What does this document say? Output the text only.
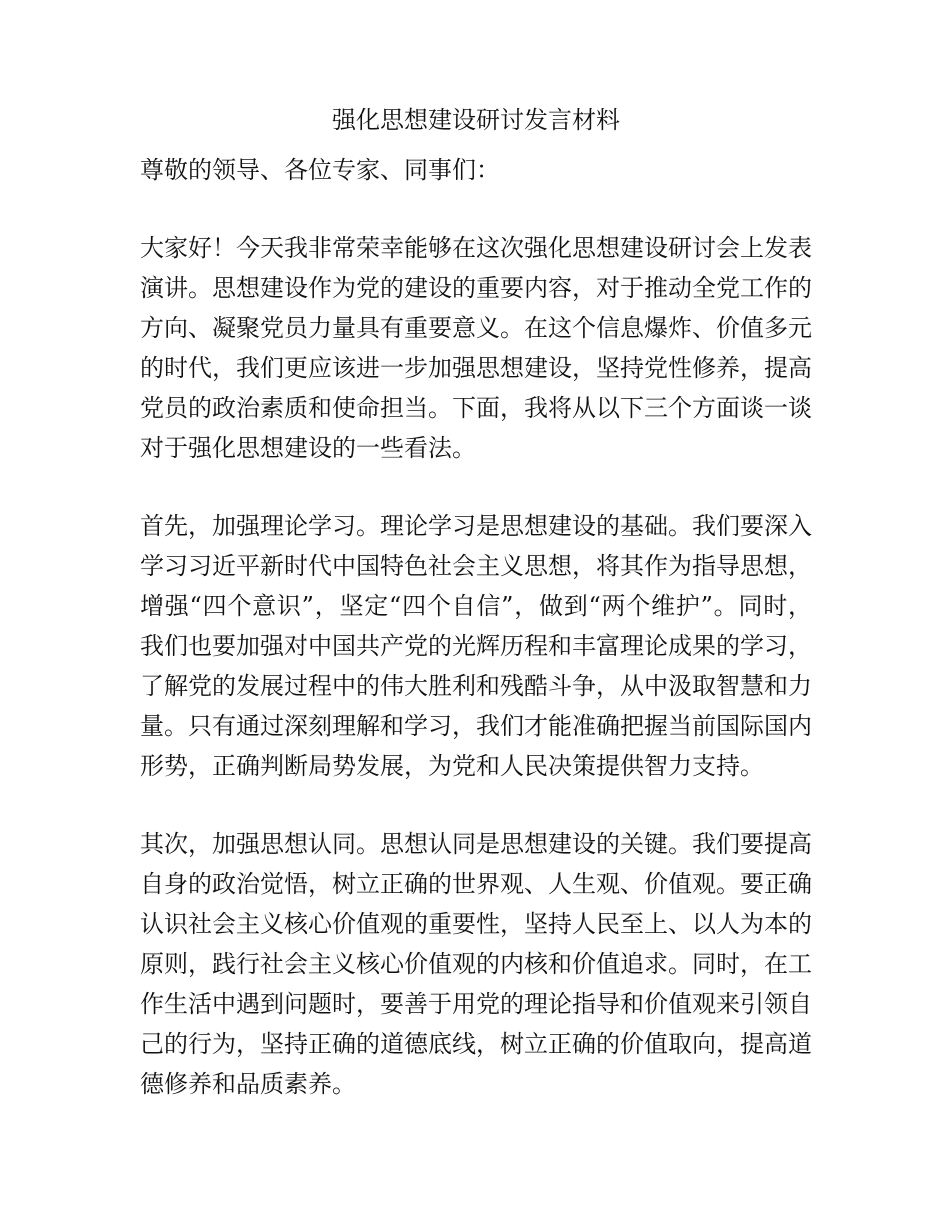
强化思想建设研讨发言材料

尊敬的领导、各位专家、同事们：

大家好！今天我非常荣幸能够在这次强化思想建设研讨会上发表演讲。思想建设作为党的建设的重要内容，对于推动全党工作的方向、凝聚党员力量具有重要意义。在这个信息爆炸、价值多元的时代，我们更应该进一步加强思想建设，坚持党性修养，提高党员的政治素质和使命担当。下面，我将从以下三个方面谈一谈对于强化思想建设的一些看法。

首先，加强理论学习。理论学习是思想建设的基础。我们要深入学习习近平新时代中国特色社会主义思想，将其作为指导思想，增强“四个意识”，坚定“四个自信”，做到“两个维护”。同时，我们也要加强对中国共产党的光辉历程和丰富理论成果的学习，了解党的发展过程中的伟大胜利和残酷斗争，从中汲取智慧和力量。只有通过深刻理解和学习，我们才能准确把握当前国际国内形势，正确判断局势发展，为党和人民决策提供智力支持。

其次，加强思想认同。思想认同是思想建设的关键。我们要提高自身的政治觉悟，树立正确的世界观、人生观、价值观。要正确认识社会主义核心价值观的重要性，坚持人民至上、以人为本的原则，践行社会主义核心价值观的内核和价值追求。同时，在工作生活中遇到问题时，要善于用党的理论指导和价值观来引领自己的行为，坚持正确的道德底线，树立正确的价值取向，提高道德修养和品质素养。
